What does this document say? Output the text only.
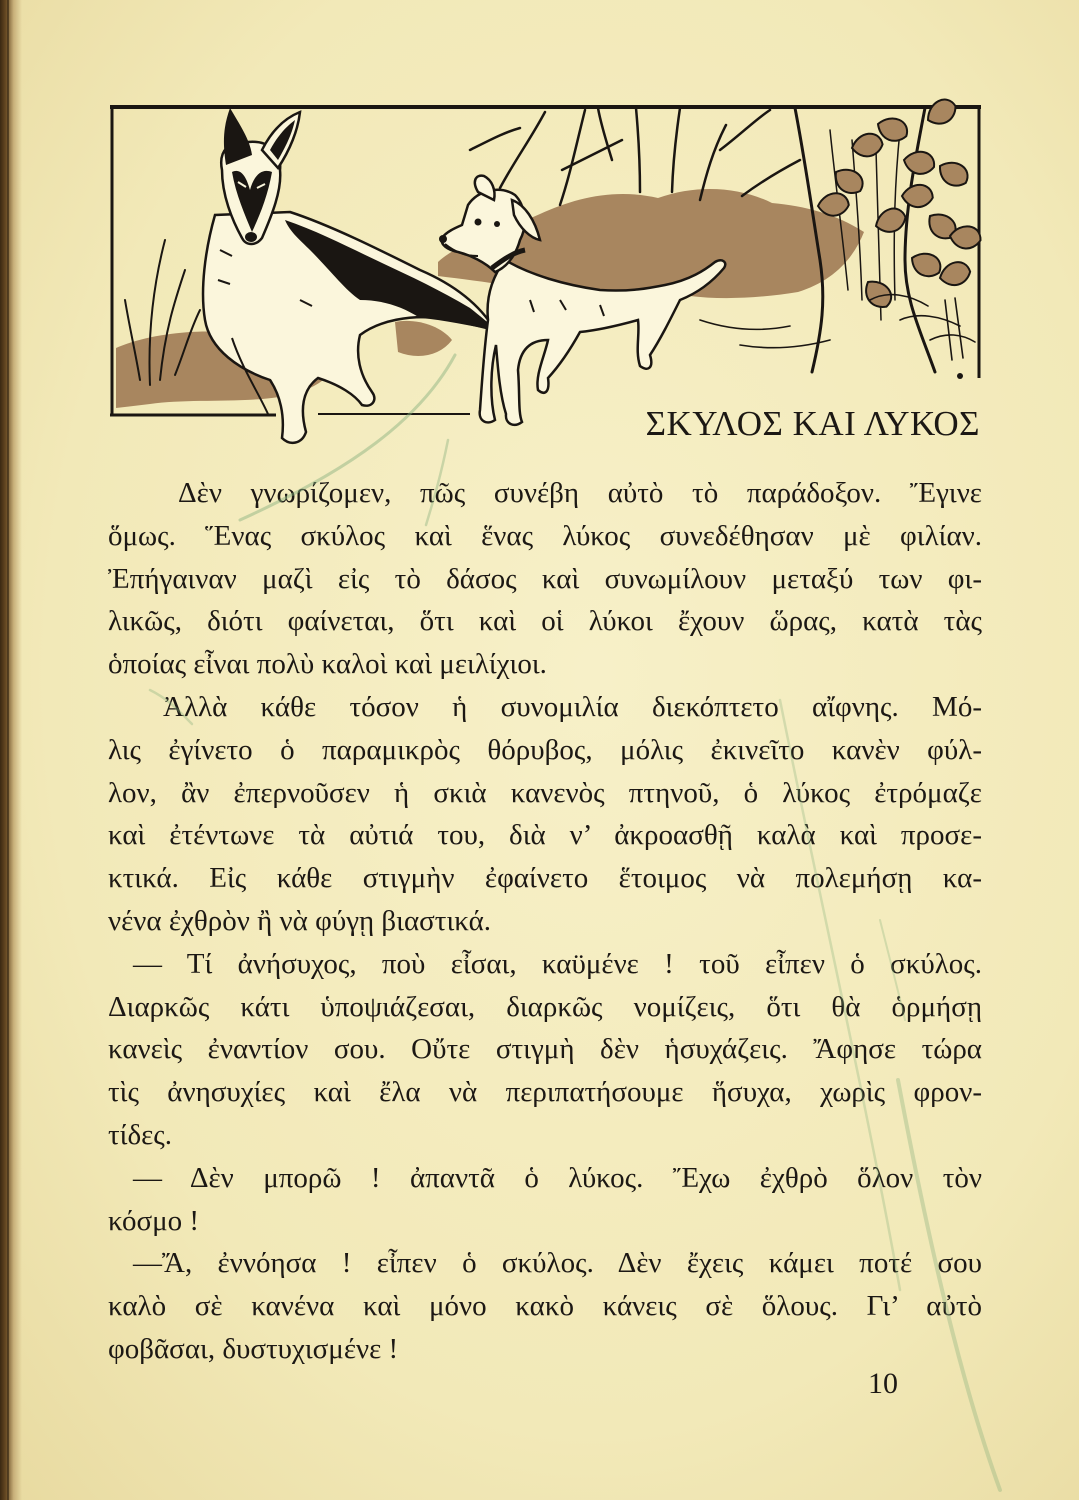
ΣΚΥΛΟΣ ΚΑΙ ΛΥΚΟΣ
Δὲν γνωρίζομεν, πῶς συνέβη αὐτὸ τὸ παράδοξον. Ἔγινε
ὅμως. Ἕνας σκύλος καὶ ἕνας λύκος συνεδέθησαν μὲ φιλίαν.
Ἐπήγαιναν μαζὶ εἰς τὸ δάσος καὶ συνωμίλουν μεταξύ των φι-
λικῶς, διότι φαίνεται, ὅτι καὶ οἱ λύκοι ἔχουν ὥρας, κατὰ τὰς
ὁποίας εἶναι πολὺ καλοὶ καὶ μειλίχιοι.
Ἀλλὰ κάθε τόσον ἡ συνομιλία διεκόπτετο αἴφνης. Μό-
λις ἐγίνετο ὁ παραμικρὸς θόρυβος, μόλις ἐκινεῖτο κανὲν φύλ-
λον, ἂν ἐπερνοῦσεν ἡ σκιὰ κανενὸς πτηνοῦ, ὁ λύκος ἐτρόμαζε
καὶ ἐτέντωνε τὰ αὐτιά του, διὰ ν’ ἀκροασθῇ καλὰ καὶ προσε-
κτικά. Εἰς κάθε στιγμὴν ἐφαίνετο ἕτοιμος νὰ πολεμήσῃ κα-
νένα ἐχθρὸν ἢ νὰ φύγῃ βιαστικά.
— Τί ἀνήσυχος, ποὺ εἶσαι, καϋμένε ! τοῦ εἶπεν ὁ σκύλος.
Διαρκῶς κάτι ὑποψιάζεσαι, διαρκῶς νομίζεις, ὅτι θὰ ὁρμήσῃ
κανεὶς ἐναντίον σου. Οὔτε στιγμὴ δὲν ἡσυχάζεις. Ἄφησε τώρα
τὶς ἀνησυχίες καὶ ἔλα νὰ περιπατήσουμε ἥσυχα, χωρὶς φρον-
τίδες.
— Δὲν μπορῶ ! ἀπαντᾶ ὁ λύκος. Ἔχω ἐχθρὸ ὅλον τὸν
κόσμο !
—Ἄ, ἐννόησα ! εἶπεν ὁ σκύλος. Δὲν ἔχεις κάμει ποτέ σου
καλὸ σὲ κανένα καὶ μόνο κακὸ κάνεις σὲ ὅλους. Γι’ αὐτὸ
φοβᾶσαι, δυστυχισμένε !
10
